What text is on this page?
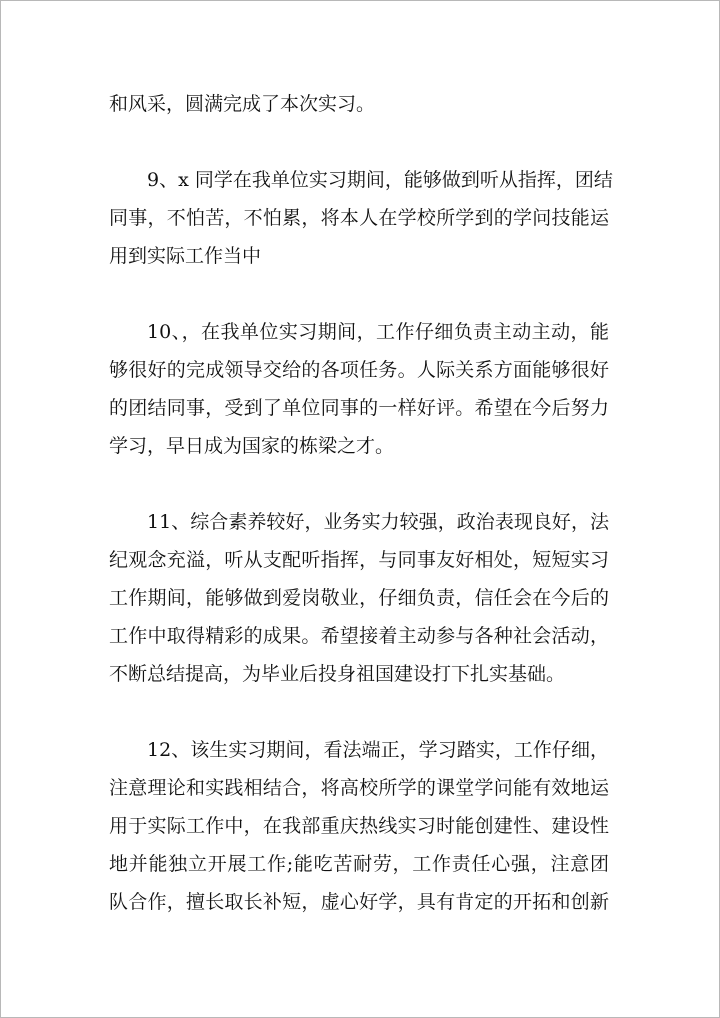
和风采，圆满完成了本次实习。

9、x 同学在我单位实习期间，能够做到听从指挥，团结
同事，不怕苦，不怕累，将本人在学校所学到的学问技能运
用到实际工作当中

10、，在我单位实习期间，工作仔细负责主动主动，能
够很好的完成领导交给的各项任务。人际关系方面能够很好
的团结同事，受到了单位同事的一样好评。希望在今后努力
学习，早日成为国家的栋梁之才。

11、综合素养较好，业务实力较强，政治表现良好，法
纪观念充溢，听从支配听指挥，与同事友好相处，短短实习
工作期间，能够做到爱岗敬业，仔细负责，信任会在今后的
工作中取得精彩的成果。希望接着主动参与各种社会活动，
不断总结提高，为毕业后投身祖国建设打下扎实基础。

12、该生实习期间，看法端正，学习踏实，工作仔细，
注意理论和实践相结合，将高校所学的课堂学问能有效地运
用于实际工作中，在我部重庆热线实习时能创建性、建设性
地并能独立开展工作;能吃苦耐劳，工作责任心强，注意团
队合作，擅长取长补短，虚心好学，具有肯定的开拓和创新
